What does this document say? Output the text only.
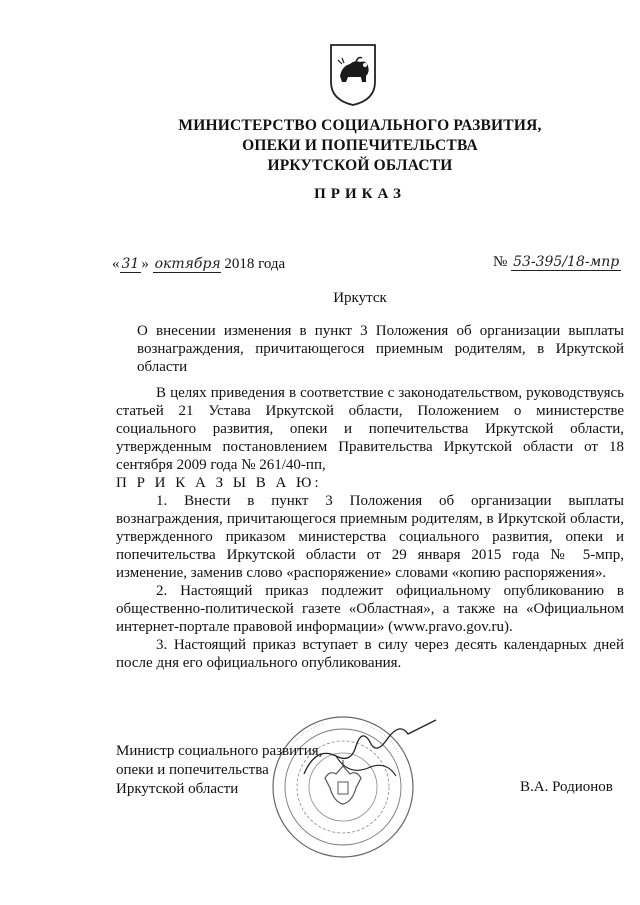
МИНИСТЕРСТВО СОЦИАЛЬНОГО РАЗВИТИЯ,
ОПЕКИ И ПОПЕЧИТЕЛЬСТВА
ИРКУТСКОЙ ОБЛАСТИ
ПРИКАЗ
« 31 » октября 2018 года	№ 53-395/18-мпр
Иркутск
О внесении изменения в пункт 3 Положения об организации выплаты вознаграждения, причитающегося приемным родителям, в Иркутской области

В целях приведения в соответствие с законодательством, руководствуясь статьей 21 Устава Иркутской области, Положением о министерстве социального развития, опеки и попечительства Иркутской области, утвержденным постановлением Правительства Иркутской области от 18 сентября 2009 года № 261/40-пп,

П Р И К А З Ы В А Ю:

1. Внести в пункт 3 Положения об организации выплаты вознаграждения, причитающегося приемным родителям, в Иркутской области, утвержденного приказом министерства социального развития, опеки и попечительства Иркутской области от 29 января 2015 года № 5-мпр, изменение, заменив слово «распоряжение» словами «копию распоряжения».

2. Настоящий приказ подлежит официальному опубликованию в общественно-политической газете «Областная», а также на «Официальном интернет-портале правовой информации» (www.pravo.gov.ru).

3. Настоящий приказ вступает в силу через десять календарных дней после дня его официального опубликования.

Министр социального развития,
опеки и попечительства
Иркутской области	В.А. Родионов
